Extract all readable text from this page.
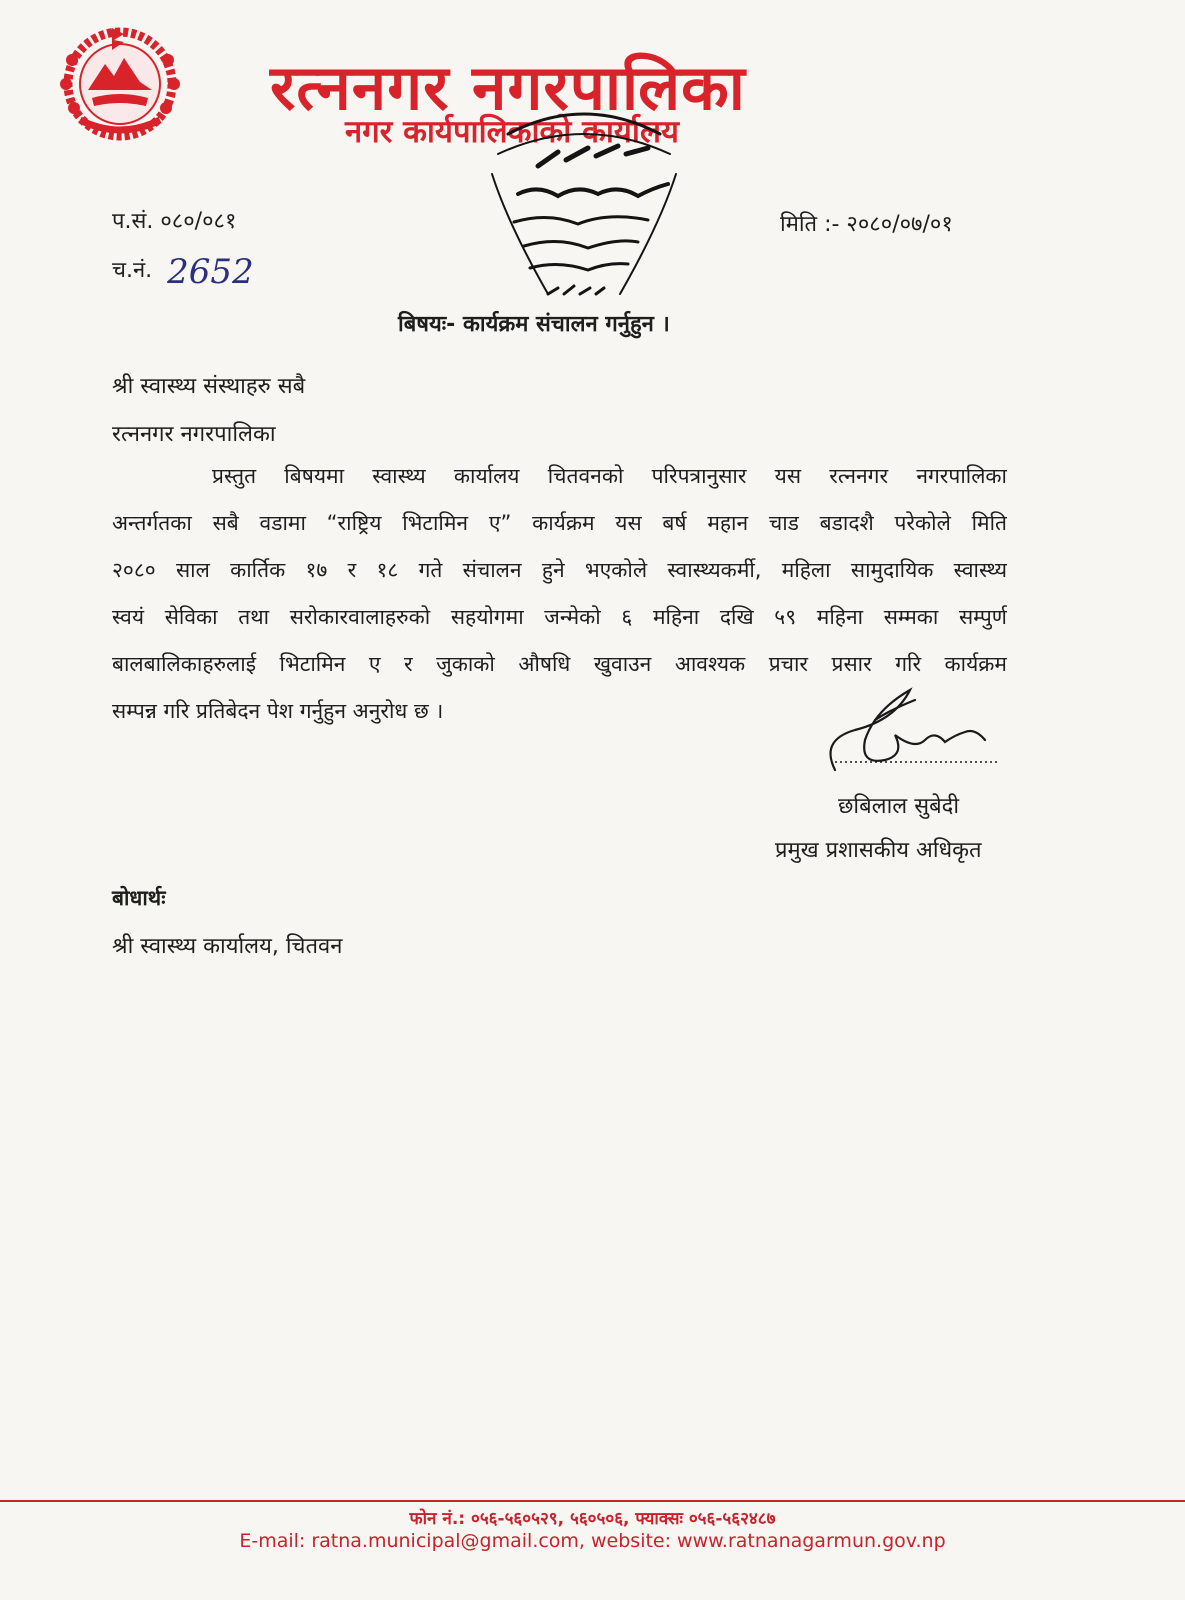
रत्ननगर नगरपालिका
नगर कार्यपालिकाको कार्यालय
प.सं. ०८०/०८१
च.नं. 2652
मिति :- २०८०/०७/०१
बिषयः- कार्यक्रम संचालन गर्नुहुन ।
श्री स्वास्थ्य संस्थाहरु सबै
रत्ननगर नगरपालिका
प्रस्तुत बिषयमा स्वास्थ्य कार्यालय चितवनको परिपत्रानुसार यस रत्ननगर नगरपालिका
अन्तर्गतका सबै वडामा “राष्ट्रिय भिटामिन ए” कार्यक्रम यस बर्ष महान चाड बडादशै परेकोले मिति
२०८० साल कार्तिक १७ र १८ गते संचालन हुने भएकोले स्वास्थ्यकर्मी, महिला सामुदायिक स्वास्थ्य
स्वयं सेविका तथा सरोकारवालाहरुको सहयोगमा जन्मेको ६ महिना दखि ५९ महिना सम्मका सम्पुर्ण
बालबालिकाहरुलाई भिटामिन ए र जुकाको औषधि खुवाउन आवश्यक प्रचार प्रसार गरि कार्यक्रम
सम्पन्न गरि प्रतिबेदन पेश गर्नुहुन अनुरोध छ ।
छबिलाल सुबेदी
प्रमुख प्रशासकीय अधिकृत
बोधार्थः
श्री स्वास्थ्य कार्यालय, चितवन
फोन नं.: ०५६-५६०५२९, ५६०५०६, फ्याक्सः ०५६-५६२४८७
E-mail: ratna.municipal@gmail.com, website: www.ratnanagarmun.gov.np
